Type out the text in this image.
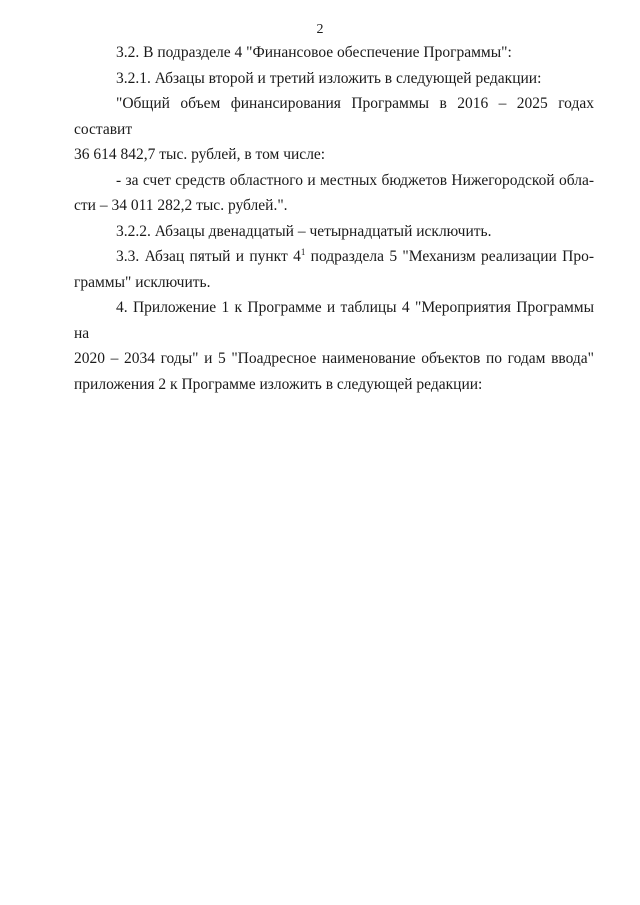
2
3.2. В подразделе 4 "Финансовое обеспечение Программы":
3.2.1. Абзацы второй и третий изложить в следующей редакции:
"Общий объем финансирования Программы в 2016 – 2025 годах составит
36 614 842,7 тыс. рублей, в том числе:
- за счет средств областного и местных бюджетов Нижегородской обла-
сти – 34 011 282,2 тыс. рублей.".
3.2.2. Абзацы двенадцатый – четырнадцатый исключить.
3.3. Абзац пятый и пункт $4^1$ подраздела 5 "Механизм реализации Про-
граммы" исключить.
4. Приложение 1 к Программе и таблицы 4 "Мероприятия Программы на
2020 – 2034 годы" и 5 "Поадресное наименование объектов по годам ввода"
приложения 2 к Программе изложить в следующей редакции:
